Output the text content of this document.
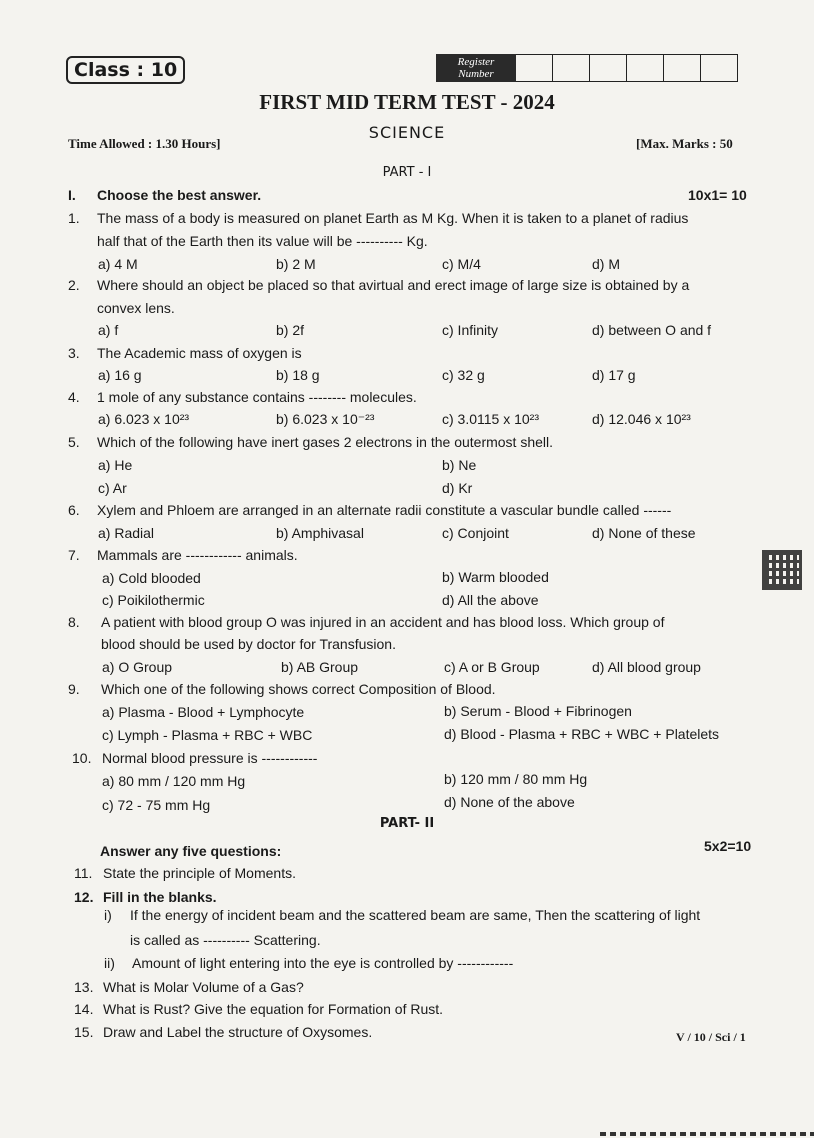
Class : 10	Register
Number
FIRST MID TERM TEST - 2024
SCIENCE
Time Allowed : 1.30 Hours]	[Max. Marks : 50
PART - I
I. Choose the best answer.	10x1= 10
1. The mass of a body is measured on planet Earth as M Kg. When it is taken to a planet of radius
half that of the Earth then its value will be ---------- Kg.
a) 4 M	b) 2 M	c) M/4	d) M
2. Where should an object be placed so that avirtual and erect image of large size is obtained by a
convex lens.
a) f	b) 2f	c) Infinity	d) between O and f
3. The Academic mass of oxygen is
a) 16 g	b) 18 g	c) 32 g	d) 17 g
4. 1 mole of any substance contains -------- molecules.
a) 6.023 x 10²³	b) 6.023 x 10⁻²³	c) 3.0115 x 10²³	d) 12.046 x 10²³
5. Which of the following have inert gases 2 electrons in the outermost shell.
a) He	b) Ne
c) Ar	d) Kr
6. Xylem and Phloem are arranged in an alternate radii constitute a vascular bundle called ------
a) Radial	b) Amphivasal	c) Conjoint	d) None of these
7. Mammals are ------------ animals.
a) Cold blooded	b) Warm blooded
c) Poikilothermic	d) All the above
8. A patient with blood group O was injured in an accident and has blood loss. Which group of
blood should be used by doctor for Transfusion.
a) O Group	b) AB Group	c) A or B Group	d) All blood group
9. Which one of the following shows correct Composition of Blood.
a) Plasma - Blood + Lymphocyte	b) Serum - Blood + Fibrinogen
c) Lymph - Plasma + RBC + WBC	d) Blood - Plasma + RBC + WBC + Platelets
10. Normal blood pressure is ------------
a) 80 mm / 120 mm Hg	b) 120 mm / 80 mm Hg
c) 72 - 75 mm Hg	d) None of the above
PART- II
Answer any five questions:	5x2=10
11. State the principle of Moments.
12. Fill in the blanks.
i) If the energy of incident beam and the scattered beam are same, Then the scattering of light
is called as ---------- Scattering.
ii) Amount of light entering into the eye is controlled by ------------
13. What is Molar Volume of a Gas?
14. What is Rust? Give the equation for Formation of Rust.
15. Draw and Label the structure of Oxysomes.	V / 10 / Sci / 1
